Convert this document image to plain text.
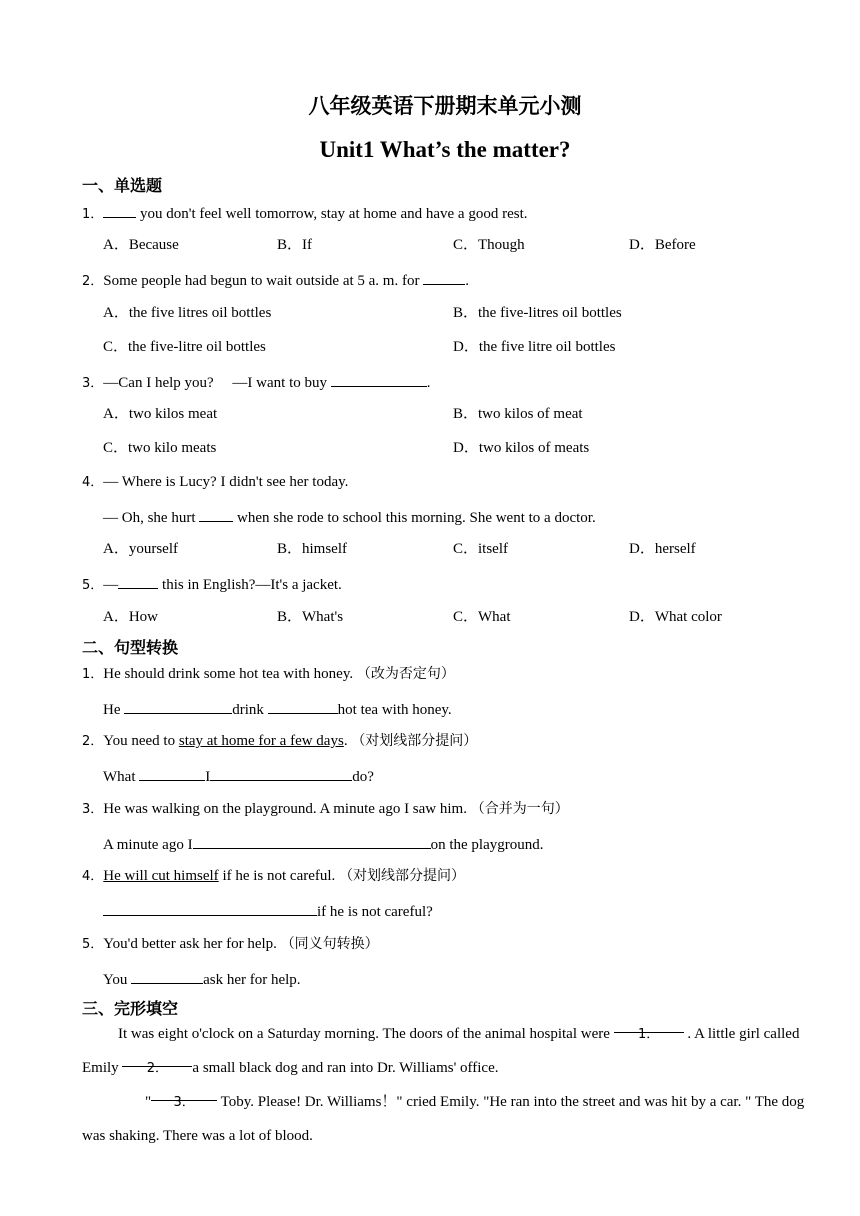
八年级英语下册期末单元小测
Unit1 What’s the matter?
一、单选题
1． you don't feel well tomorrow, stay at home and have a good rest.
A．Because	B．If	C．Though	D．Before
2．Some people had begun to wait outside at 5 a. m. for	.
A．the five litres oil bottles	B．the five-litres oil bottles
C．the five-litre oil bottles	D．the five litre oil bottles
3．—Can I help you?　 —I want to buy	.
A．two kilos meat	B．two kilos of meat
C．two kilo meats	D．two kilos of meats
4．— Where is Lucy? I didn't see her today.
— Oh, she hurt  when she rode to school this morning. She went to a doctor.
A．yourself	B．himself	C．itself	D．herself
5．—	this in English?—It's a jacket.
A．How	B．What's	C．What	D．What color
二、句型转换
1．He should drink some hot tea with honey. （改为否定句）
He	drink	hot tea with honey.
2．You need to stay at home for a few days. （对划线部分提问）
What	I	do?
3．He was walking on the playground. A minute ago I saw him. （合并为一句）
A minute ago I	on the playground.
4．He will cut himself if he is not careful. （对划线部分提问）
if he is not careful?
5．You'd better ask her for help. （同义句转换）
You	ask her for help.
三、完形填空
It was eight o'clock on a Saturday morning. The doors of the animal hospital were 1． . A little girl called Emily 2． a small black dog and ran into Dr. Williams' office.
" 3． Toby. Please! Dr. Williams！" cried Emily. "He ran into the street and was hit by a car. " The dog was shaking. There was a lot of blood.
